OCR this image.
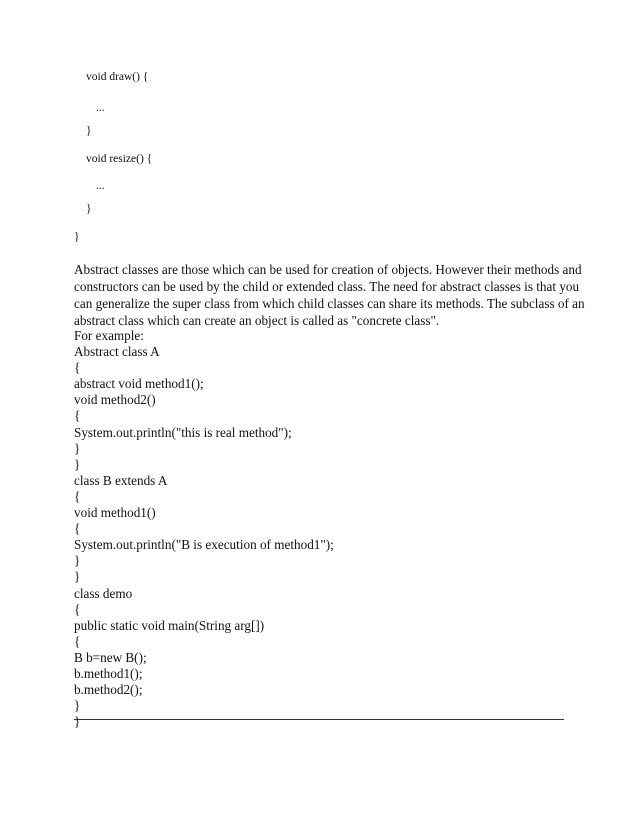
void draw() {
...
}
void resize() {
...
}
}
Abstract classes are those which can be used for creation of objects. However their methods and
constructors can be used by the child or extended class. The need for abstract classes is that you
can generalize the super class from which child classes can share its methods. The subclass of an
abstract class which can create an object is called as "concrete class".
For example:
Abstract class A
{
abstract void method1();
void method2()
{
System.out.println("this is real method");
}
}
class B extends A
{
void method1()
{
System.out.println("B is execution of method1");
}
}
class demo
{
public static void main(String arg[])
{
B b=new B();
b.method1();
b.method2();
}
}
